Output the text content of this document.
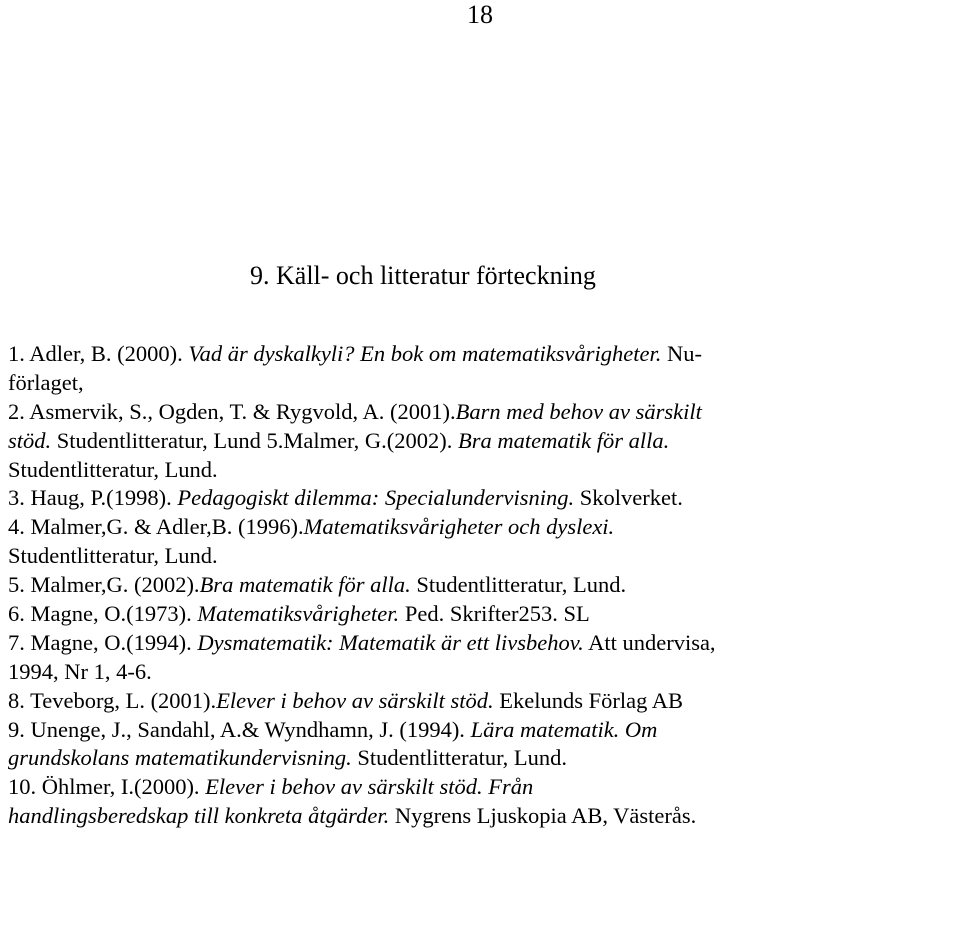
18
9. Käll- och litteratur förteckning
1. Adler, B. (2000). Vad är dyskalkyli? En bok om matematiksvårigheter. Nu-
förlaget,
2. Asmervik, S., Ogden, T. & Rygvold, A. (2001).Barn med behov av särskilt
stöd. Studentlitteratur, Lund 5.Malmer, G.(2002). Bra matematik för alla.
Studentlitteratur, Lund.
3. Haug, P.(1998). Pedagogiskt dilemma: Specialundervisning. Skolverket.
4. Malmer,G. & Adler,B. (1996).Matematiksvårigheter och dyslexi.
Studentlitteratur, Lund.
5. Malmer,G. (2002).Bra matematik för alla. Studentlitteratur, Lund.
6. Magne, O.(1973). Matematiksvårigheter. Ped. Skrifter253. SL
7. Magne, O.(1994). Dysmatematik: Matematik är ett livsbehov. Att undervisa,
1994, Nr 1, 4-6.
8. Teveborg, L. (2001).Elever i behov av särskilt stöd. Ekelunds Förlag AB
9. Unenge, J., Sandahl, A.& Wyndhamn, J. (1994). Lära matematik. Om
grundskolans matematikundervisning. Studentlitteratur, Lund.
10. Öhlmer, I.(2000). Elever i behov av särskilt stöd. Från
handlingsberedskap till konkreta åtgärder. Nygrens Ljuskopia AB, Västerås.
